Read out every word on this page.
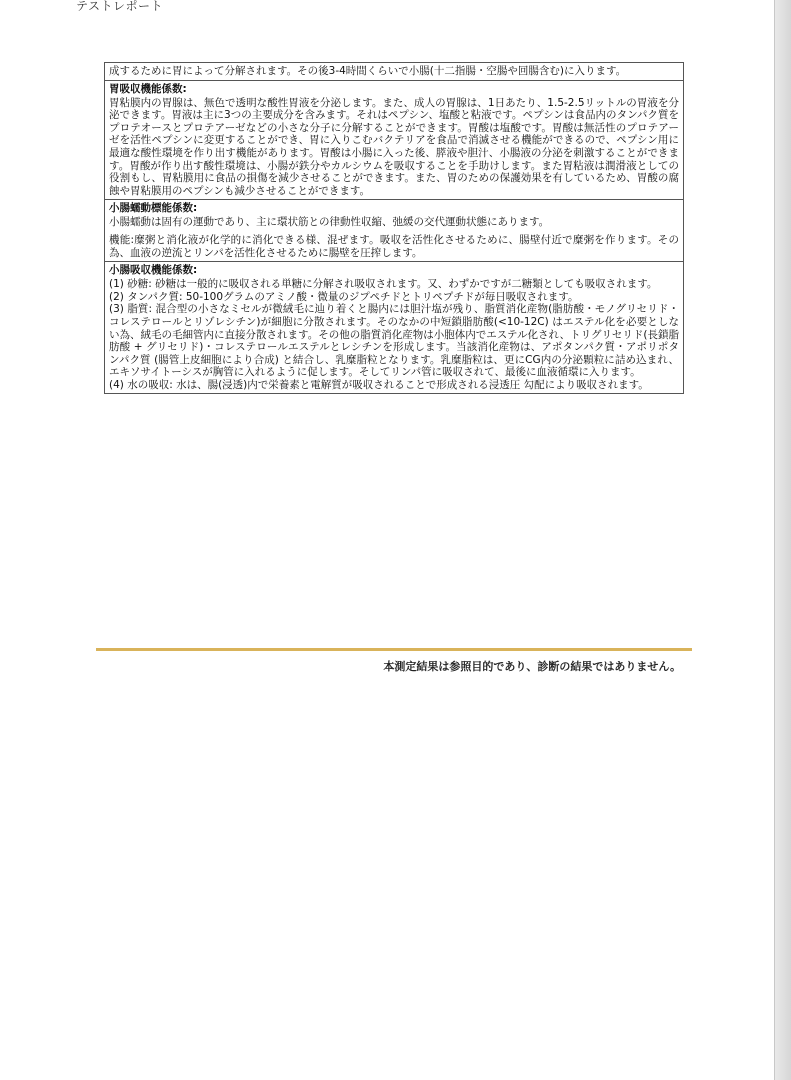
テストレポート

成するために胃によって分解されます。その後3-4時間くらいで小腸(十二指腸・空腸や回腸含む)に入ります。

胃吸収機能係数:

胃粘膜内の胃腺は、無色で透明な酸性胃液を分泌します。また、成人の胃腺は、1日あたり、1.5-2.5リットルの胃液を分泌できます。胃液は主に3つの主要成分を含みます。それはペプシン、塩酸と粘液です。ペプシンは食品内のタンパク質をプロテオースとプロテアーゼなどの小さな分子に分解することができます。胃酸は塩酸です。胃酸は無活性のプロテアーゼを活性ペプシンに変更することができ、胃に入りこむバクテリアを食品で消滅させる機能ができるので、ペプシン用に最適な酸性環境を作り出す機能があります。胃酸は小腸に入った後、膵液や胆汁、小腸液の分泌を刺激することができます。胃酸が作り出す酸性環境は、小腸が鉄分やカルシウムを吸収することを手助けします。また胃粘液は潤滑液としての役割もし、胃粘膜用に食品の損傷を減少させることができます。また、胃のための保護効果を有しているため、胃酸の腐蝕や胃粘膜用のペプシンも減少させることができます。

小腸蠕動標能係数:

小腸蠕動は固有の運動であり、主に環状筋との律動性収縮、弛緩の交代運動状態にあります。

機能:糜粥と消化液が化学的に消化できる様、混ぜます。吸収を活性化させるために、腸壁付近で糜粥を作ります。その為、血液の逆流とリンパを活性化させるために腸壁を圧搾します。

小腸吸収機能係数:

(1) 砂糖: 砂糖は一般的に吸収される単糖に分解され吸収されます。又、わずかですが二糖類としても吸収されます。

(2) タンパク質: 50-100グラムのアミノ酸・微量のジプペチドとトリペプチドが毎日吸収されます。

(3) 脂質: 混合型の小さなミセルが微絨毛に辿り着くと腸内には胆汁塩が残り、脂質消化産物(脂肪酸・モノグリセリド・コレステロールとリゾレシチン)が細胞に分散されます。そのなかの中短鎖脂肪酸(<10-12C) はエステル化を必要としない為、絨毛の毛細管内に直接分散されます。その他の脂質消化産物は小胞体内でエステル化され、トリグリセリド(長鎖脂肪酸 + グリセリド)・コレステロールエステルとレシチンを形成します。当該消化産物は、アポタンパク質・アポリポタンパク質 (腸管上皮細胞により合成) と結合し、乳糜脂粒となります。乳糜脂粒は、更にCG内の分泌顆粒に詰め込まれ、エキソサイトーシスが胸管に入れるように促します。そしてリンパ管に吸収されて、最後に血液循環に入ります。

(4) 水の吸収: 水は、腸(浸透)内で栄養素と電解質が吸収されることで形成される浸透圧 勾配により吸収されます。

本測定結果は参照目的であり、診断の結果ではありません。
